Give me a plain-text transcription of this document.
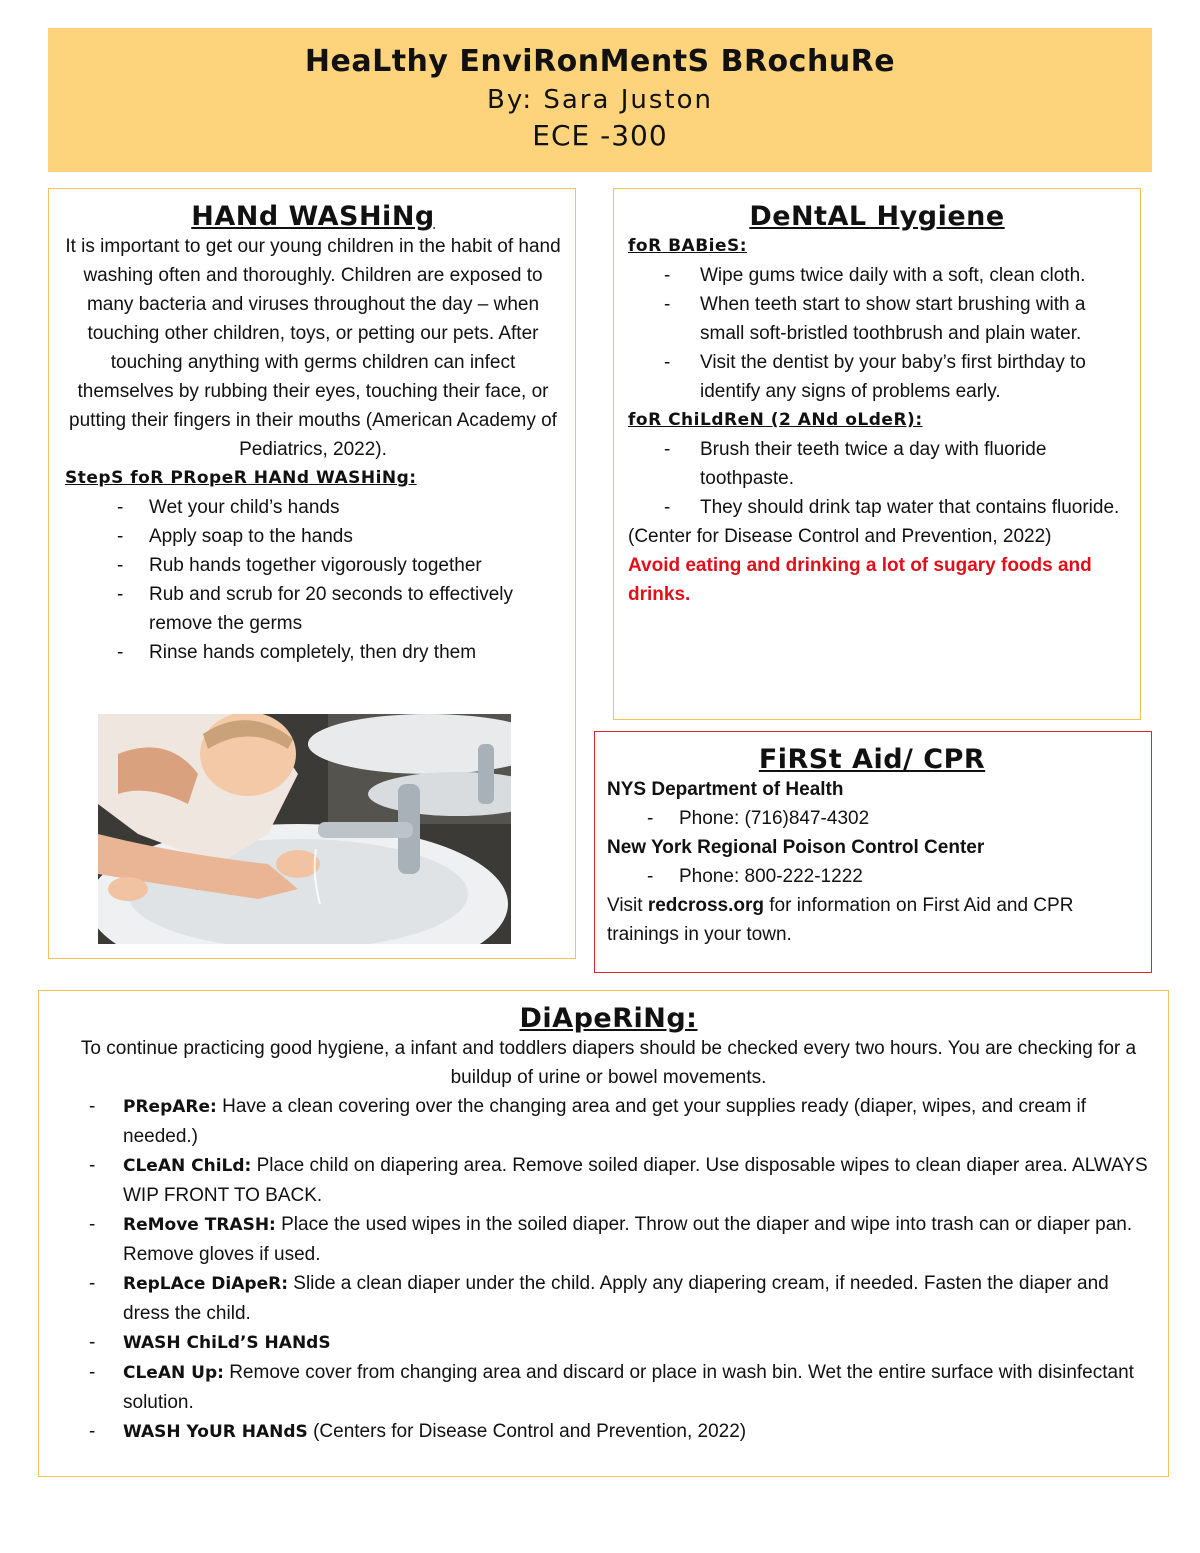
HeaLthy EnviRonMentS BRochuRe
By: Sara Juston
ECE -300
HANd WASHiNg
It is important to get our young children in the habit of hand washing often and thoroughly. Children are exposed to many bacteria and viruses throughout the day – when touching other children, toys, or petting our pets. After touching anything with germs children can infect themselves by rubbing their eyes, touching their face, or putting their fingers in their mouths (American Academy of Pediatrics, 2022).
StepS foR PRopeR HANd WASHiNg:
- Wet your child’s hands
- Apply soap to the hands
- Rub hands together vigorously together
- Rub and scrub for 20 seconds to effectively remove the germs
- Rinse hands completely, then dry them
DeNtAL Hygiene
foR BABieS:
- Wipe gums twice daily with a soft, clean cloth.
- When teeth start to show start brushing with a small soft-bristled toothbrush and plain water.
- Visit the dentist by your baby’s first birthday to identify any signs of problems early.
foR ChiLdReN (2 ANd oLdeR):
- Brush their teeth twice a day with fluoride toothpaste.
- They should drink tap water that contains fluoride.
(Center for Disease Control and Prevention, 2022)
Avoid eating and drinking a lot of sugary foods and drinks.
FiRSt Aid/ CPR
NYS Department of Health
- Phone: (716)847-4302
New York Regional Poison Control Center
- Phone: 800-222-1222
Visit redcross.org for information on First Aid and CPR trainings in your town.
DiApeRiNg:
To continue practicing good hygiene, a infant and toddlers diapers should be checked every two hours. You are checking for a buildup of urine or bowel movements.
- PRepARe: Have a clean covering over the changing area and get your supplies ready (diaper, wipes, and cream if needed.)
- CLeAN ChiLd: Place child on diapering area. Remove soiled diaper. Use disposable wipes to clean diaper area. ALWAYS WIP FRONT TO BACK.
- ReMove TRASH: Place the used wipes in the soiled diaper. Throw out the diaper and wipe into trash can or diaper pan. Remove gloves if used.
- RepLAce DiApeR: Slide a clean diaper under the child. Apply any diapering cream, if needed. Fasten the diaper and dress the child.
- WASH ChiLd’S HANdS
- CLeAN Up: Remove cover from changing area and discard or place in wash bin. Wet the entire surface with disinfectant solution.
- WASH YoUR HANdS (Centers for Disease Control and Prevention, 2022)
